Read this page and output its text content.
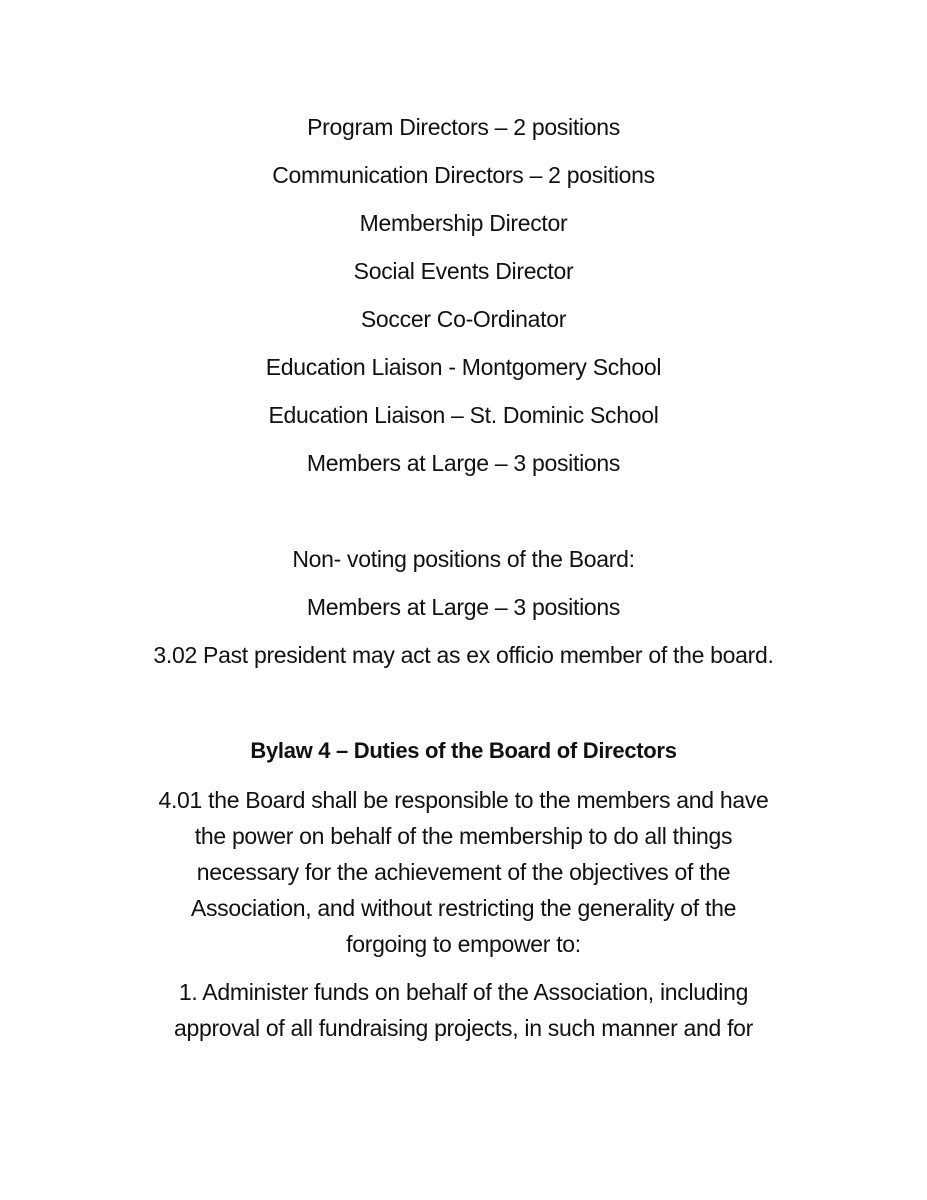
Program Directors – 2 positions
Communication Directors – 2 positions
Membership Director
Social Events Director
Soccer Co-Ordinator
Education Liaison - Montgomery School
Education Liaison – St. Dominic School
Members at Large – 3 positions
Non- voting positions of the Board:
Members at Large – 3 positions
3.02 Past president may act as ex officio member of the board.
Bylaw 4 – Duties of the Board of Directors
4.01 the Board shall be responsible to the members and have
the power on behalf of the membership to do all things
necessary for the achievement of the objectives of the
Association, and without restricting the generality of the
forgoing to empower to:
1. Administer funds on behalf of the Association, including
approval of all fundraising projects, in such manner and for
